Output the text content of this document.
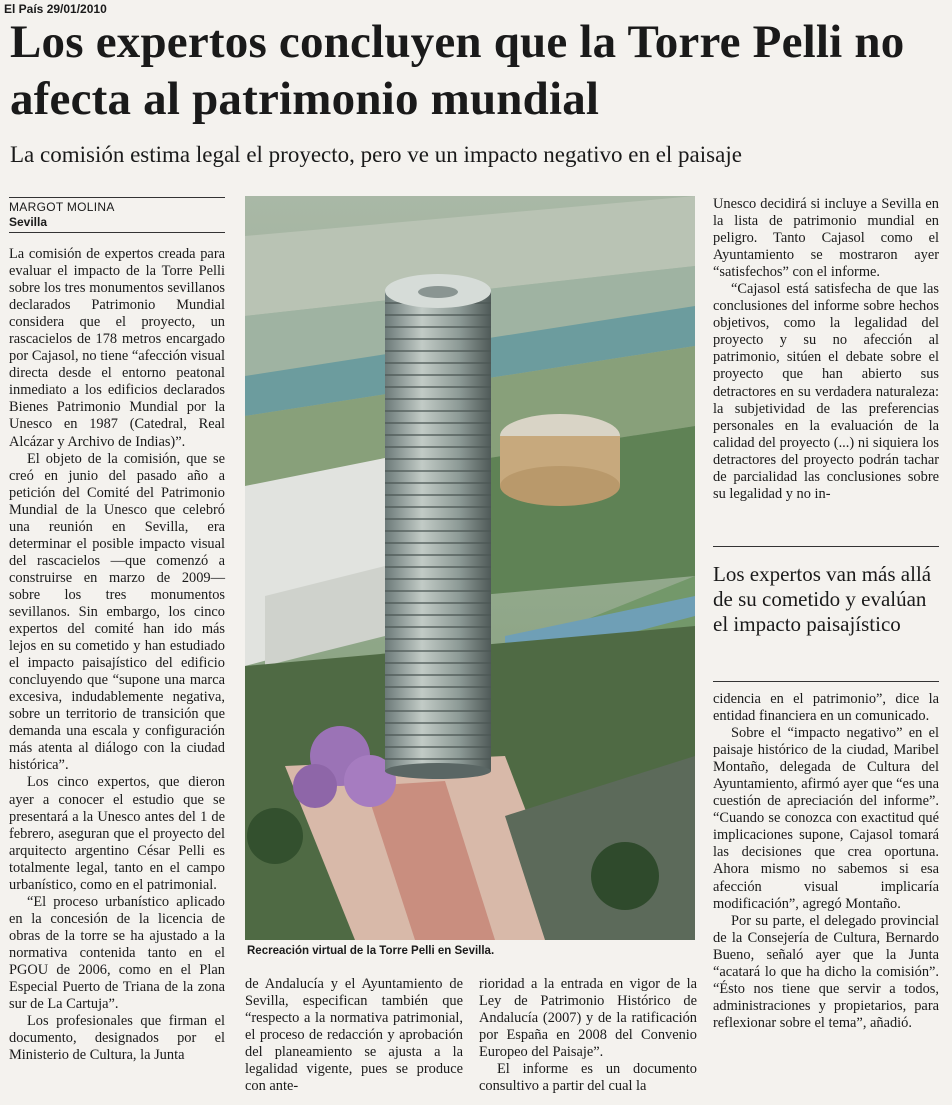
El País 29/01/2010
Los expertos concluyen que la Torre Pelli no afecta al patrimonio mundial
La comisión estima legal el proyecto, pero ve un impacto negativo en el paisaje
MARGOT MOLINA
Sevilla

La comisión de expertos creada para evaluar el impacto de la Torre Pelli sobre los tres monumentos sevillanos declarados Patrimonio Mundial considera que el proyecto, un rascacielos de 178 metros encargado por Cajasol, no tiene “afección visual directa desde el entorno peatonal inmediato a los edificios declarados Bienes Patrimonio Mundial por la Unesco en 1987 (Catedral, Real Alcázar y Archivo de Indias)”.

El objeto de la comisión, que se creó en junio del pasado año a petición del Comité del Patrimonio Mundial de la Unesco que celebró una reunión en Sevilla, era determinar el posible impacto visual del rascacielos —que comenzó a construirse en marzo de 2009— sobre los tres monumentos sevillanos. Sin embargo, los cinco expertos del comité han ido más lejos en su cometido y han estudiado el impacto paisajístico del edificio concluyendo que “supone una marca excesiva, indudablemente negativa, sobre un territorio de transición que demanda una escala y configuración más atenta al diálogo con la ciudad histórica”.

Los cinco expertos, que dieron ayer a conocer el estudio que se presentará a la Unesco antes del 1 de febrero, aseguran que el proyecto del arquitecto argentino César Pelli es totalmente legal, tanto en el campo urbanístico, como en el patrimonial.

“El proceso urbanístico aplicado en la concesión de la licencia de obras de la torre se ha ajustado a la normativa contenida tanto en el PGOU de 2006, como en el Plan Especial Puerto de Triana de la zona sur de La Cartuja”.

Los profesionales que firman el documento, designados por el Ministerio de Cultura, la Junta

Recreación virtual de la Torre Pelli en Sevilla.

de Andalucía y el Ayuntamiento de Sevilla, especifican también que “respecto a la normativa patrimonial, el proceso de redacción y aprobación del planeamiento se ajusta a la legalidad vigente, pues se produce con ante-

rioridad a la entrada en vigor de la Ley de Patrimonio Histórico de Andalucía (2007) y de la ratificación por España en 2008 del Convenio Europeo del Paisaje”.

El informe es un documento consultivo a partir del cual la

Unesco decidirá si incluye a Sevilla en la lista de patrimonio mundial en peligro. Tanto Cajasol como el Ayuntamiento se mostraron ayer “satisfechos” con el informe.

“Cajasol está satisfecha de que las conclusiones del informe sobre hechos objetivos, como la legalidad del proyecto y su no afección al patrimonio, sitúen el debate sobre el proyecto que han abierto sus detractores en su verdadera naturaleza: la subjetividad de las preferencias personales en la evaluación de la calidad del proyecto (...) ni siquiera los detractores del proyecto podrán tachar de parcialidad las conclusiones sobre su legalidad y no in-

Los expertos van más allá de su cometido y evalúan el impacto paisajístico

cidencia en el patrimonio”, dice la entidad financiera en un comunicado.

Sobre el “impacto negativo” en el paisaje histórico de la ciudad, Maribel Montaño, delegada de Cultura del Ayuntamiento, afirmó ayer que “es una cuestión de apreciación del informe”. “Cuando se conozca con exactitud qué implicaciones supone, Cajasol tomará las decisiones que crea oportuna. Ahora mismo no sabemos si esa afección visual implicaría modificación”, agregó Montaño.

Por su parte, el delegado provincial de la Consejería de Cultura, Bernardo Bueno, señaló ayer que la Junta “acatará lo que ha dicho la comisión”. “Ésto nos tiene que servir a todos, administraciones y propietarios, para reflexionar sobre el tema”, añadió.
